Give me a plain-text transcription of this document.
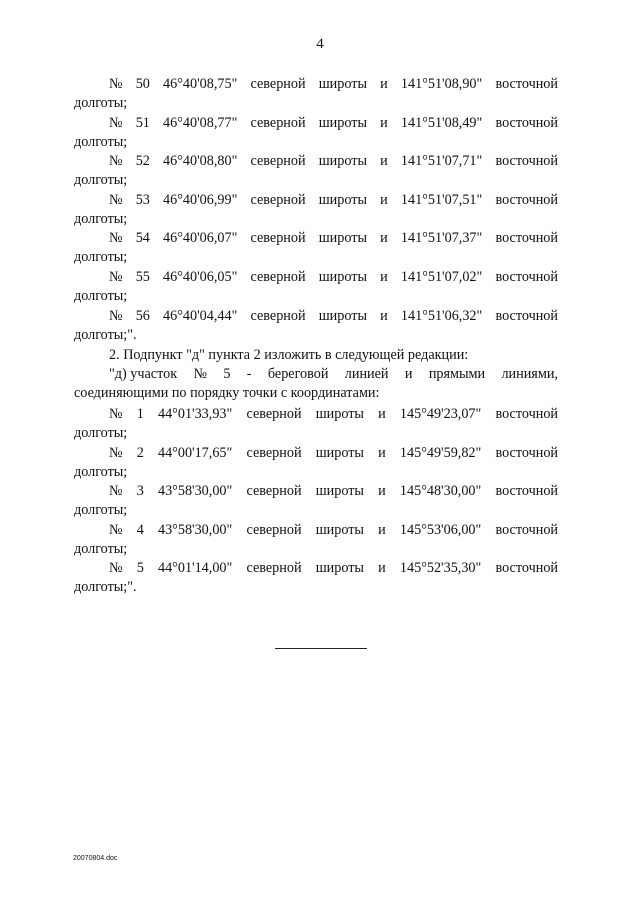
4
№ 50 46°40'08,75" северной широты и 141°51'08,90" восточной
долготы;
№ 51 46°40'08,77" северной широты и 141°51'08,49" восточной
долготы;
№ 52 46°40'08,80" северной широты и 141°51'07,71" восточной
долготы;
№ 53 46°40'06,99" северной широты и 141°51'07,51" восточной
долготы;
№ 54 46°40'06,07" северной широты и 141°51'07,37" восточной
долготы;
№ 55 46°40'06,05" северной широты и 141°51'07,02" восточной
долготы;
№ 56 46°40'04,44" северной широты и 141°51'06,32" восточной
долготы;".
2. Подпункт "д" пункта 2 изложить в следующей редакции:
"д) участок № 5 - береговой линией и прямыми линиями,
соединяющими по порядку точки с координатами:
№ 1 44°01'33,93" северной широты и 145°49'23,07" восточной
долготы;
№ 2 44°00'17,65" северной широты и 145°49'59,82" восточной
долготы;
№ 3 43°58'30,00" северной широты и 145°48'30,00" восточной
долготы;
№ 4 43°58'30,00" северной широты и 145°53'06,00" восточной
долготы;
№ 5 44°01'14,00" северной широты и 145°52'35,30" восточной
долготы;".
20070804.doc
